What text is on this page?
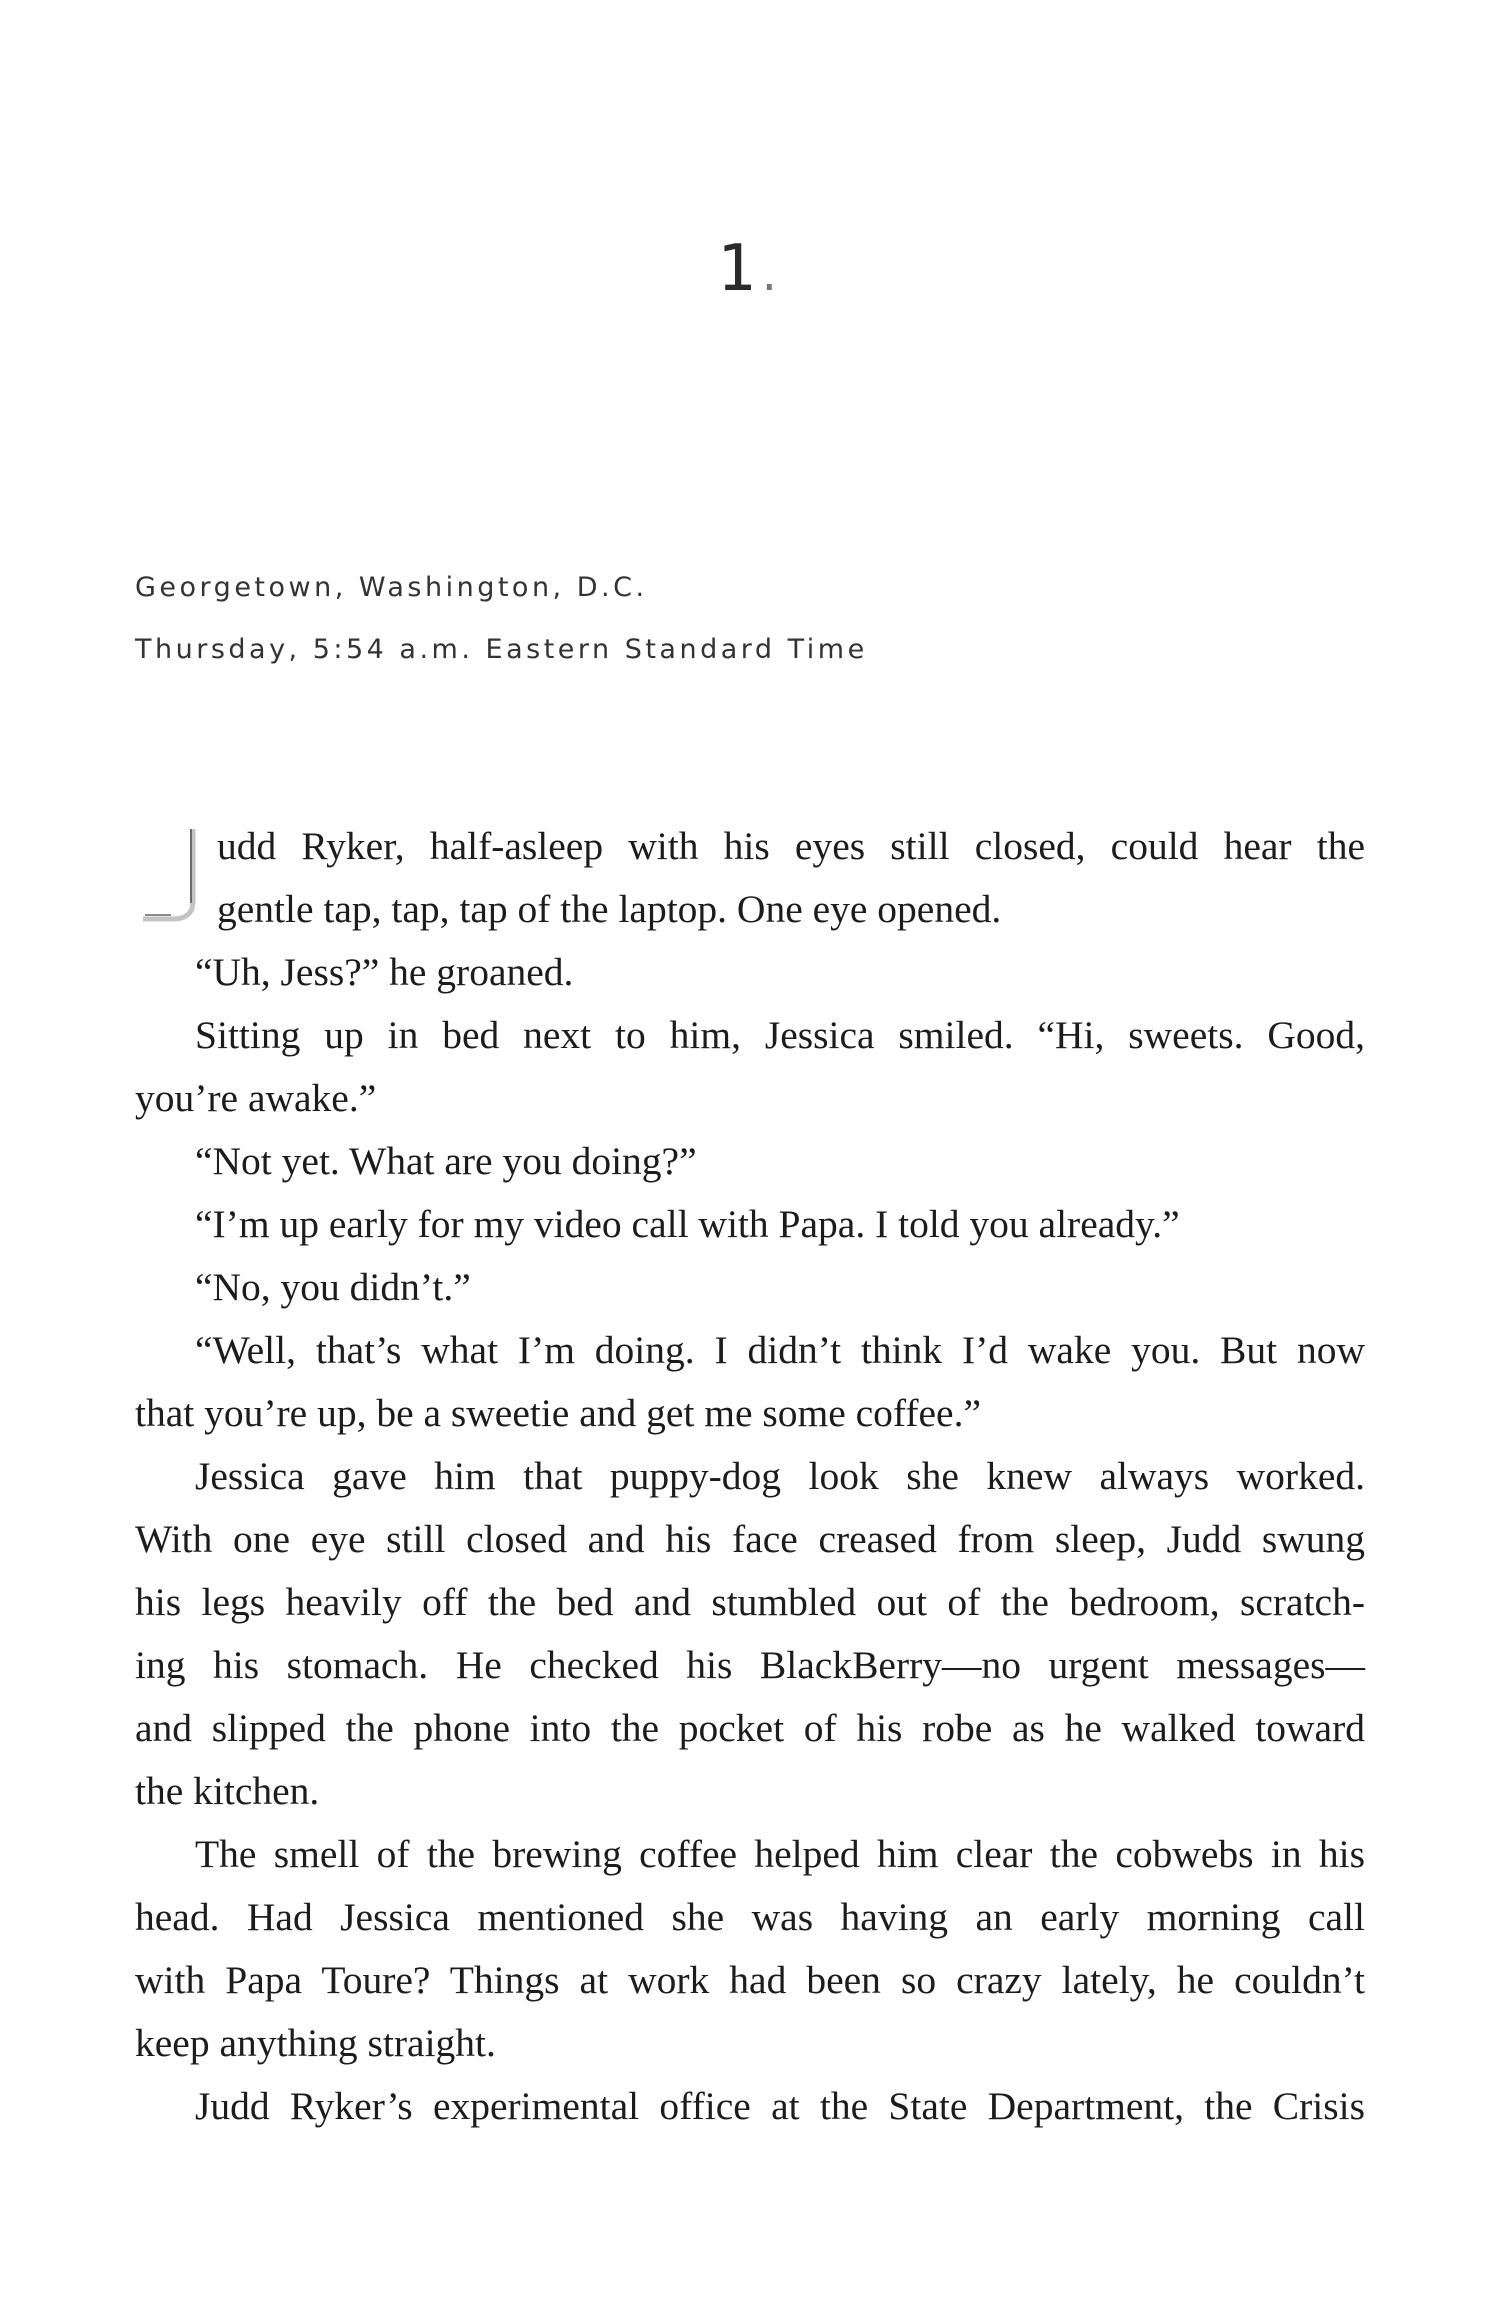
1.
Georgetown, Washington, D.C.
Thursday, 5:54 a.m. Eastern Standard Time
udd Ryker, half-asleep with his eyes still closed, could hear the
gentle tap, tap, tap of the laptop. One eye opened.
“Uh, Jess?” he groaned.
Sitting up in bed next to him, Jessica smiled. “Hi, sweets. Good,
you’re awake.”
“Not yet. What are you doing?”
“I’m up early for my video call with Papa. I told you already.”
“No, you didn’t.”
“Well, that’s what I’m doing. I didn’t think I’d wake you. But now
that you’re up, be a sweetie and get me some coffee.”
Jessica gave him that puppy-dog look she knew always worked.
With one eye still closed and his face creased from sleep, Judd swung
his legs heavily off the bed and stumbled out of the bedroom, scratch-
ing his stomach. He checked his BlackBerry—no urgent messages—
and slipped the phone into the pocket of his robe as he walked toward
the kitchen.
The smell of the brewing coffee helped him clear the cobwebs in his
head. Had Jessica mentioned she was having an early morning call
with Papa Toure? Things at work had been so crazy lately, he couldn’t
keep anything straight.
Judd Ryker’s experimental office at the State Department, the Crisis
